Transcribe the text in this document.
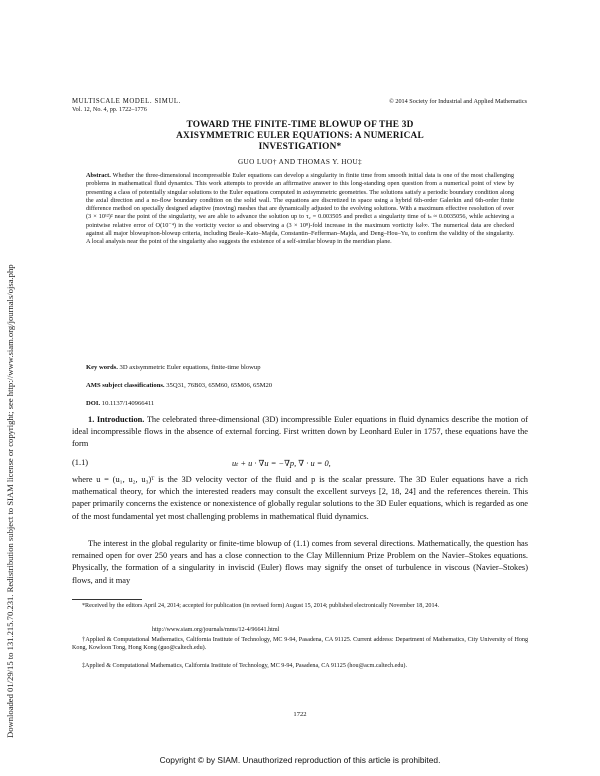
Downloaded 01/29/15 to 131.215.70.231. Redistribution subject to SIAM license or copyright; see http://www.siam.org/journals/ojsa.php
MULTISCALE MODEL. SIMUL.
Vol. 12, No. 4, pp. 1722–1776
© 2014 Society for Industrial and Applied Mathematics
TOWARD THE FINITE-TIME BLOWUP OF THE 3D
AXISYMMETRIC EULER EQUATIONS: A NUMERICAL
INVESTIGATION*
GUO LUO† AND THOMAS Y. HOU‡
Abstract. Whether the three-dimensional incompressible Euler equations can develop a singularity in finite time from smooth initial data is one of the most challenging problems in mathematical fluid dynamics. This work attempts to provide an affirmative answer to this long-standing open question from a numerical point of view by presenting a class of potentially singular solutions to the Euler equations computed in axisymmetric geometries. The solutions satisfy a periodic boundary condition along the axial direction and a no-flow boundary condition on the solid wall. The equations are discretized in space using a hybrid 6th-order Galerkin and 6th-order finite difference method on specially designed adaptive (moving) meshes that are dynamically adjusted to the evolving solutions. With a maximum effective resolution of over (3 × 10¹²)² near the point of the singularity, we are able to advance the solution up to τ₂ = 0.003505 and predict a singularity time of tₛ ≈ 0.0035056, while achieving a pointwise relative error of O(10⁻⁴) in the vorticity vector ω and observing a (3 × 10⁸)-fold increase in the maximum vorticity ‖ω‖∞. The numerical data are checked against all major blowup/non-blowup criteria, including Beale–Kato–Majda, Constantin–Fefferman–Majda, and Deng–Hou–Yu, to confirm the validity of the singularity. A local analysis near the point of the singularity also suggests the existence of a self-similar blowup in the meridian plane.
Key words. 3D axisymmetric Euler equations, finite-time blowup
AMS subject classifications. 35Q31, 76B03, 65M60, 65M06, 65M20
DOI. 10.1137/140966411
1. Introduction. The celebrated three-dimensional (3D) incompressible Euler equations in fluid dynamics describe the motion of ideal incompressible flows in the absence of external forcing. First written down by Leonhard Euler in 1757, these equations have the form
(1.1)	uₜ + u · ∇u = −∇p, ∇ · u = 0,
where u = (u₁, u₂, u₃)ᵀ is the 3D velocity vector of the fluid and p is the scalar pressure. The 3D Euler equations have a rich mathematical theory, for which the interested readers may consult the excellent surveys [2, 18, 24] and the references therein. This paper primarily concerns the existence or nonexistence of globally regular solutions to the 3D Euler equations, which is regarded as one of the most fundamental yet most challenging problems in mathematical fluid dynamics.
The interest in the global regularity or finite-time blowup of (1.1) comes from several directions. Mathematically, the question has remained open for over 250 years and has a close connection to the Clay Millennium Prize Problem on the Navier–Stokes equations. Physically, the formation of a singularity in inviscid (Euler) flows may signify the onset of turbulence in viscous (Navier–Stokes) flows, and it may
*Received by the editors April 24, 2014; accepted for publication (in revised form) August 15, 2014; published electronically November 18, 2014.
http://www.siam.org/journals/mms/12-4/96641.html
†Applied & Computational Mathematics, California Institute of Technology, MC 9-94, Pasadena, CA 91125. Current address: Department of Mathematics, City University of Hong Kong, Kowloon Tong, Hong Kong (guo@caltech.edu).
‡Applied & Computational Mathematics, California Institute of Technology, MC 9-94, Pasadena, CA 91125 (hou@acm.caltech.edu).
1722
Copyright © by SIAM. Unauthorized reproduction of this article is prohibited.
